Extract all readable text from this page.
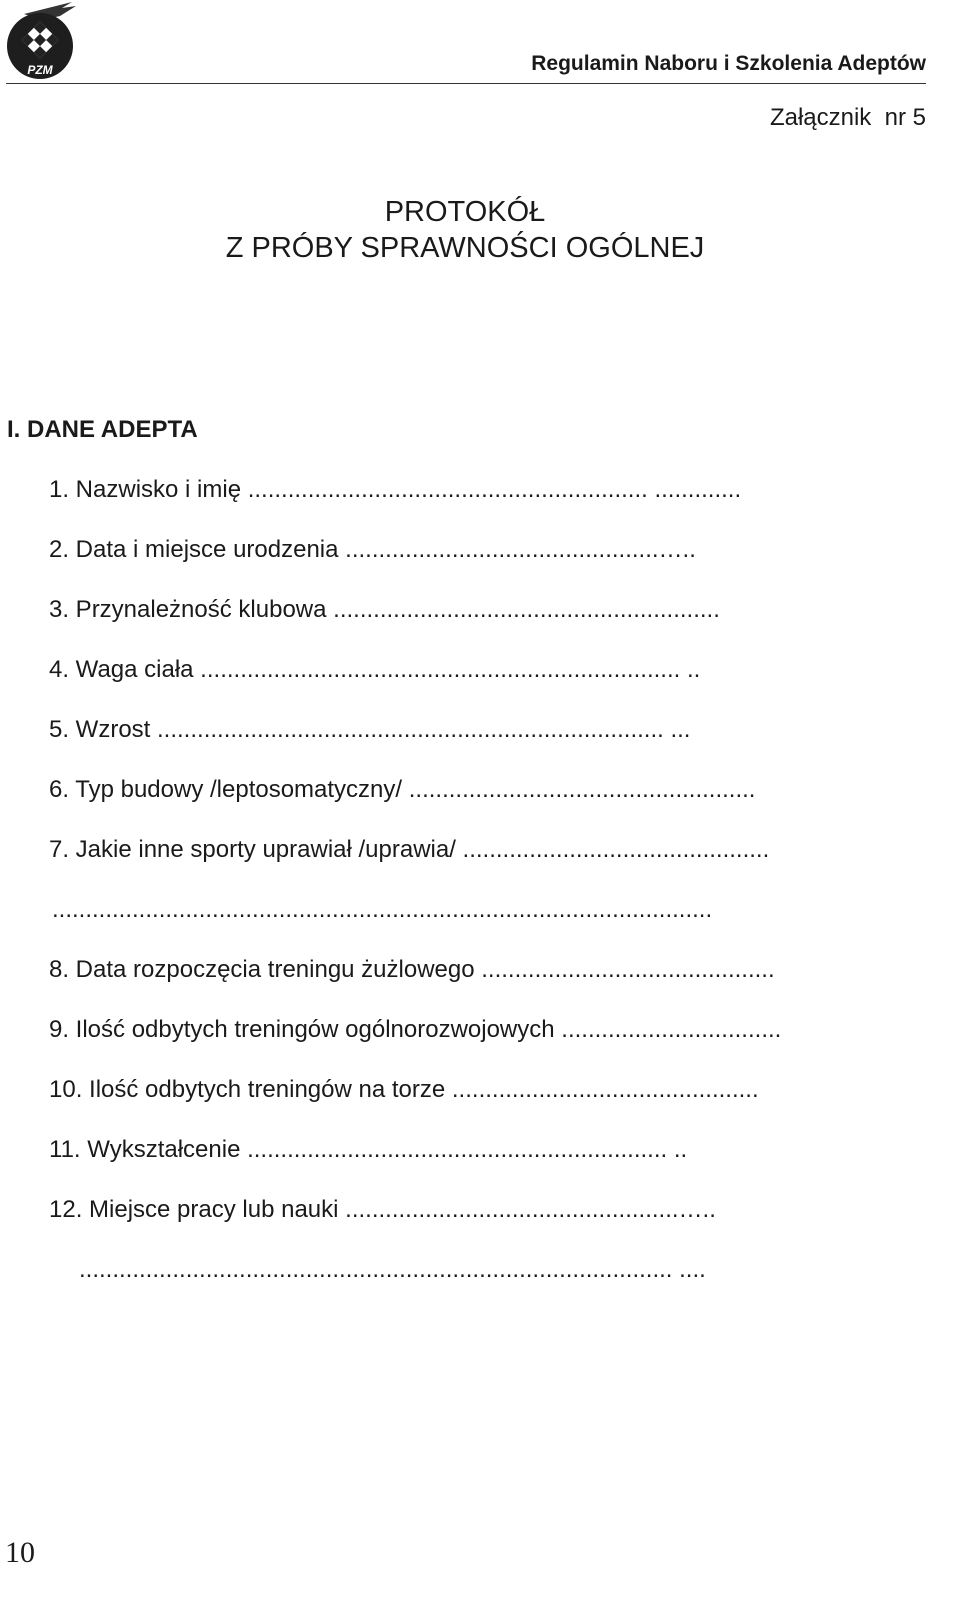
PZM	Regulamin Naboru i Szkolenia Adeptów
Załącznik  nr 5
PROTOKÓŁ
Z PRÓBY SPRAWNOŚCI OGÓLNEJ
I. DANE ADEPTA
1. Nazwisko i imię ............................................................ .............
2. Data i miejsce urodzenia ...............................................…..
3. Przynależność klubowa ..........................................................
4. Waga ciała ........................................................................ ..
5. Wzrost ............................................................................ ...
6. Typ budowy /leptosomatyczny/ ....................................................
7. Jakie inne sporty uprawiał /uprawia/ ..............................................
...................................................................................................
8. Data rozpoczęcia treningu żużlowego ............................................
9. Ilość odbytych treningów ogólnorozwojowych .................................
10. Ilość odbytych treningów na torze ..............................................
11. Wykształcenie ............................................................... ..
12. Miejsce pracy lub nauki ..................................................…..
......................................................................................... ....
10
